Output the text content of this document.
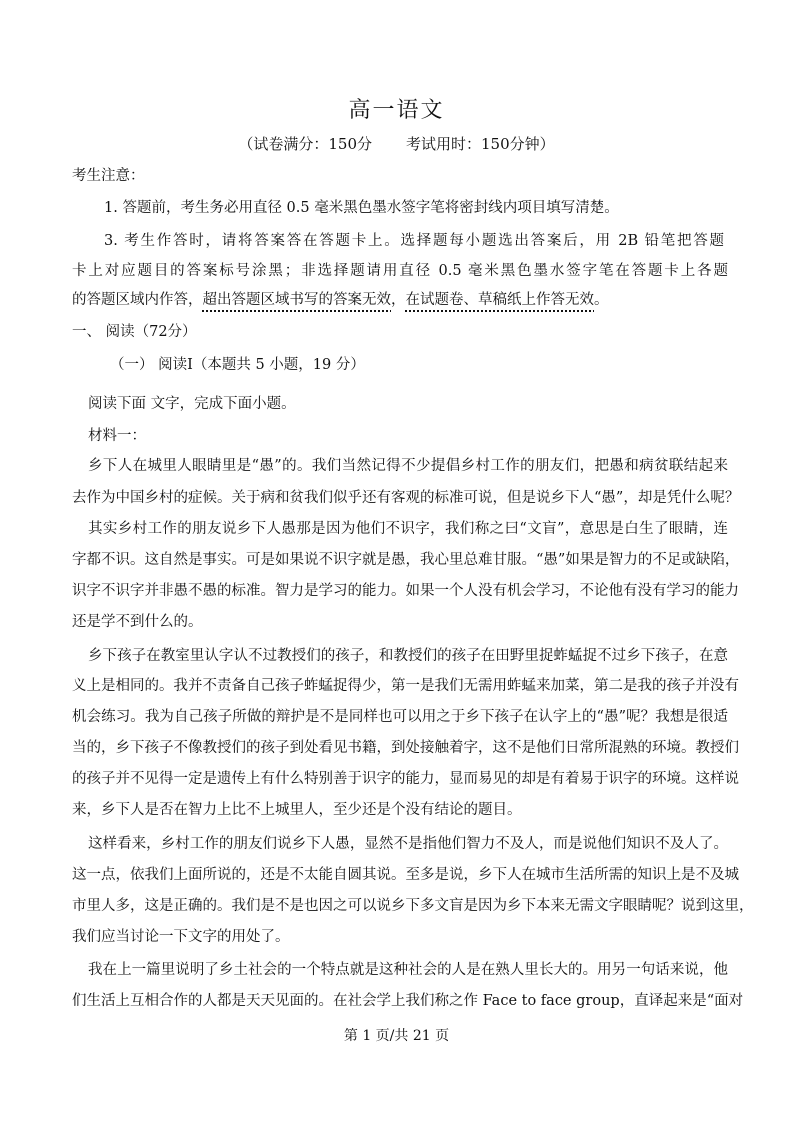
高一语文
（试卷满分：150分 考试用时：150分钟）
考生注意：
1. 答题前，考生务必用直径 0.5 毫米黑色墨水签字笔将密封线内项目填写清楚。
3. 考生作答时，请将答案答在答题卡上。选择题每小题选出答案后，用 2B 铅笔把答题
卡上对应题目的答案标号涂黑；非选择题请用直径 0.5 毫米黑色墨水签字笔在答题卡上各题
的答题区域内作答，超出答题区域书写的答案无效，在试题卷、草稿纸上作答无效。
一、 阅读（72分）
（一） 阅读Ⅰ（本题共 5 小题，19 分）
阅读下面 文字，完成下面小题。
材料一：
乡下人在城里人眼睛里是“愚”的。我们当然记得不少提倡乡村工作的朋友们，把愚和病贫联结起来
去作为中国乡村的症候。关于病和贫我们似乎还有客观的标准可说，但是说乡下人“愚”，却是凭什么呢？
其实乡村工作的朋友说乡下人愚那是因为他们不识字，我们称之曰“文盲”，意思是白生了眼睛，连
字都不识。这自然是事实。可是如果说不识字就是愚，我心里总难甘服。“愚”如果是智力的不足或缺陷，
识字不识字并非愚不愚的标准。智力是学习的能力。如果一个人没有机会学习，不论他有没有学习的能力
还是学不到什么的。
乡下孩子在教室里认字认不过教授们的孩子，和教授们的孩子在田野里捉蚱蜢捉不过乡下孩子，在意
义上是相同的。我并不责备自己孩子蚱蜢捉得少，第一是我们无需用蚱蜢来加菜，第二是我的孩子并没有
机会练习。我为自己孩子所做的辩护是不是同样也可以用之于乡下孩子在认字上的“愚”呢？我想是很适
当的，乡下孩子不像教授们的孩子到处看见书籍，到处接触着字，这不是他们日常所混熟的环境。教授们
的孩子并不见得一定是遗传上有什么特别善于识字的能力，显而易见的却是有着易于识字的环境。这样说
来，乡下人是否在智力上比不上城里人，至少还是个没有结论的题目。
这样看来，乡村工作的朋友们说乡下人愚，显然不是指他们智力不及人，而是说他们知识不及人了。
这一点，依我们上面所说的，还是不太能自圆其说。至多是说，乡下人在城市生活所需的知识上是不及城
市里人多，这是正确的。我们是不是也因之可以说乡下多文盲是因为乡下本来无需文字眼睛呢？说到这里，
我们应当讨论一下文字的用处了。
我在上一篇里说明了乡土社会的一个特点就是这种社会的人是在熟人里长大的。用另一句话来说，他
们生活上互相合作的人都是天天见面的。在社会学上我们称之作 Face to face group，直译起来是“面对
第 1 页/共 21 页
